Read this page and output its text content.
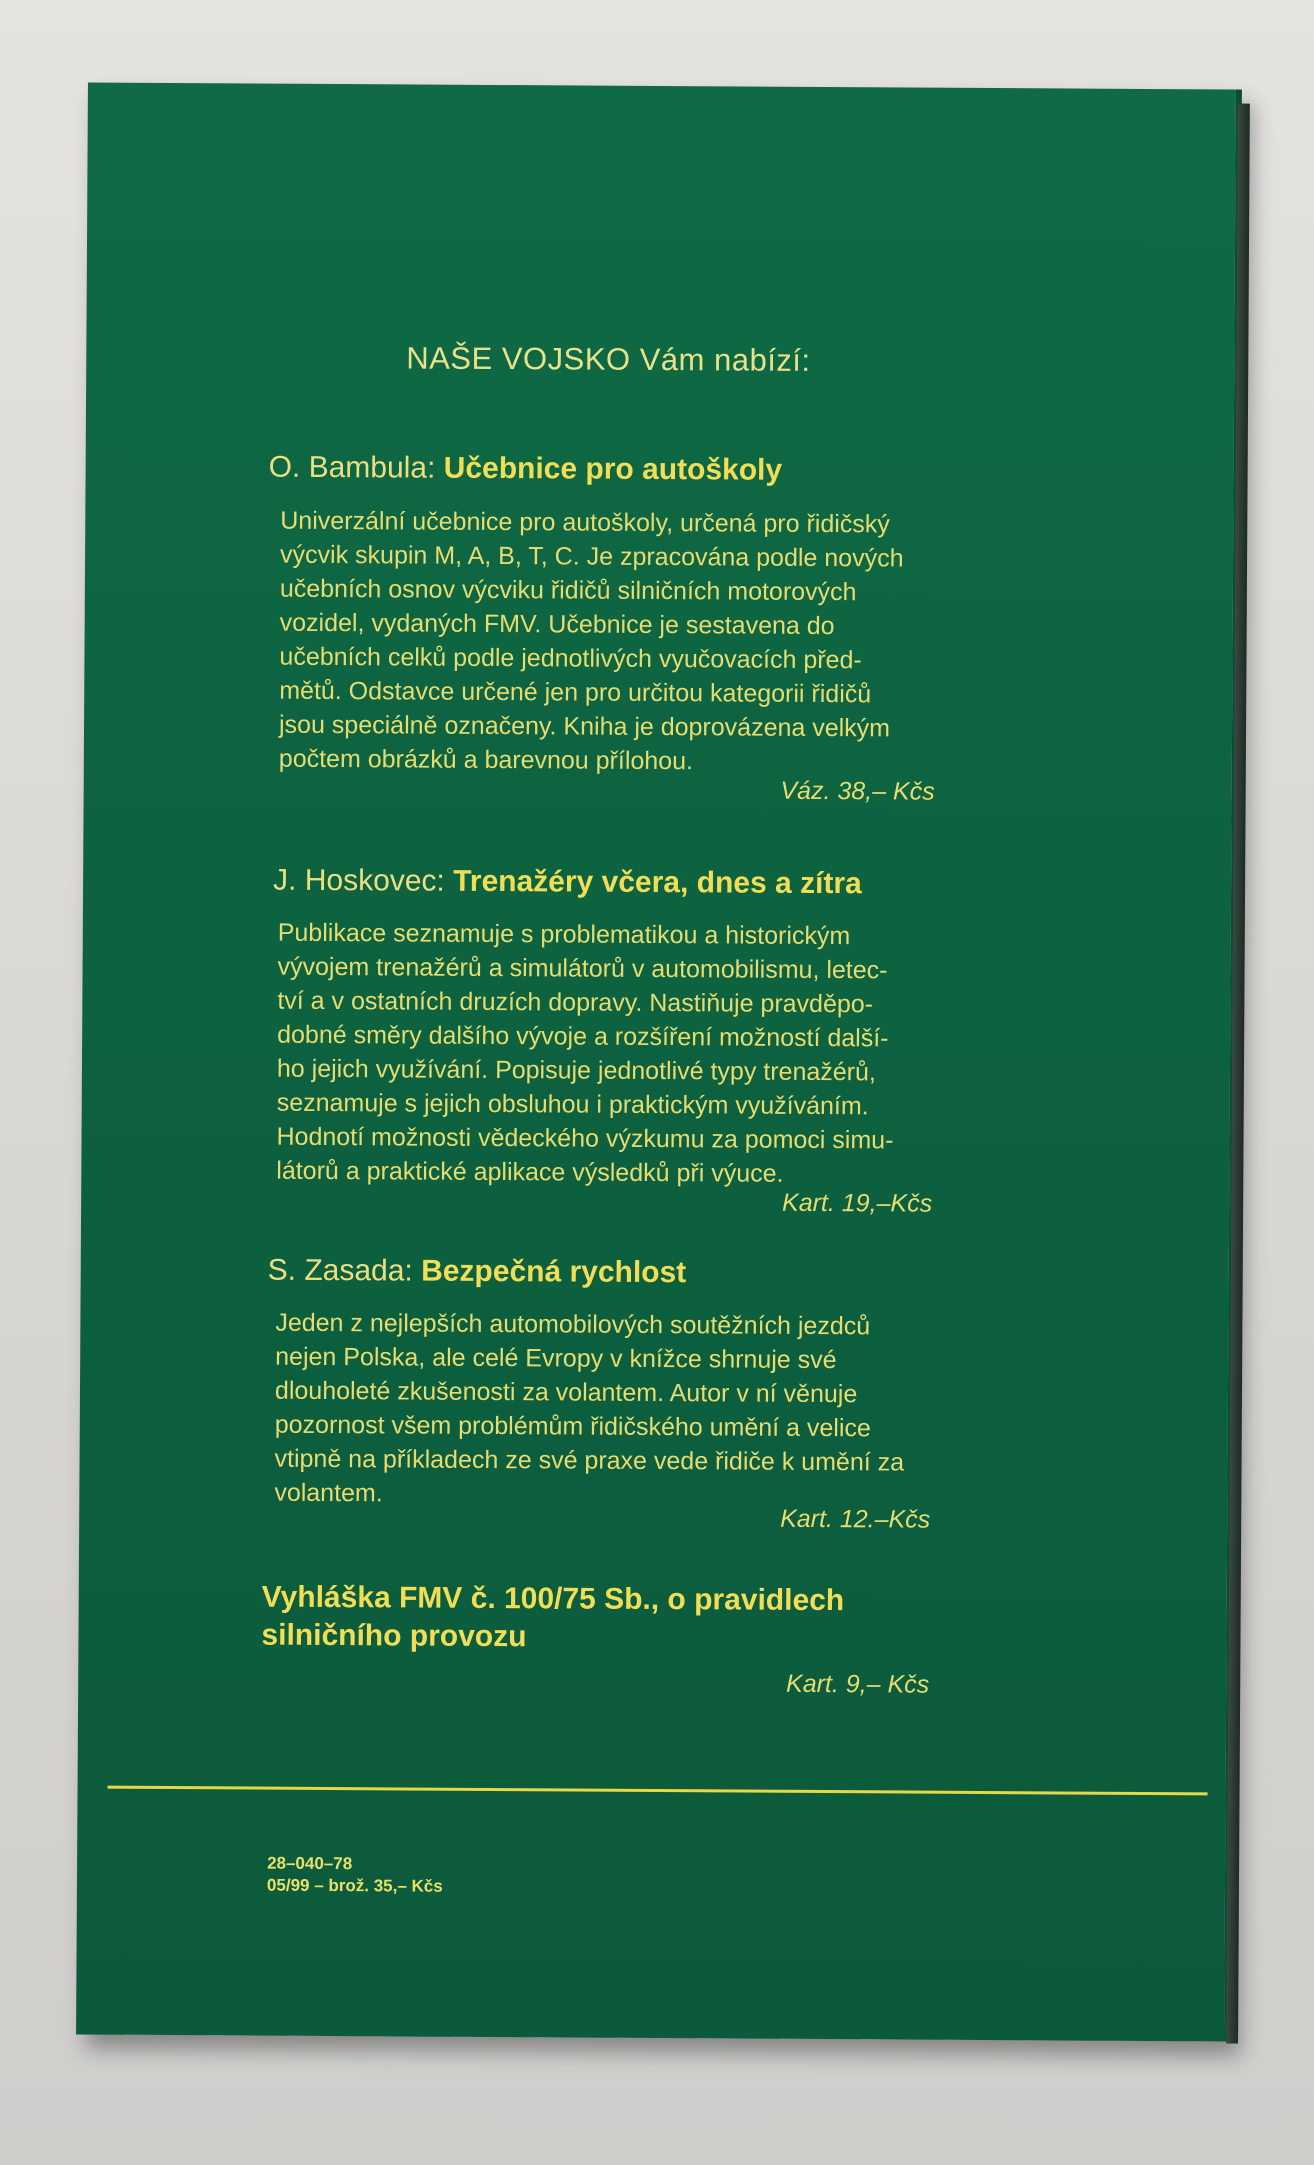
NAŠE VOJSKO Vám nabízí:
O. Bambula: Učebnice pro autoškoly
Univerzální učebnice pro autoškoly, určená pro řidičský
výcvik skupin M, A, B, T, C. Je zpracována podle nových
učebních osnov výcviku řidičů silničních motorových
vozidel, vydaných FMV. Učebnice je sestavena do
učebních celků podle jednotlivých vyučovacích před-
mětů. Odstavce určené jen pro určitou kategorii řidičů
jsou speciálně označeny. Kniha je doprovázena velkým
počtem obrázků a barevnou přílohou.
Váz. 38,– Kčs
J. Hoskovec: Trenažéry včera, dnes a zítra
Publikace seznamuje s problematikou a historickým
vývojem trenažérů a simulátorů v automobilismu, letec-
tví a v ostatních druzích dopravy. Nastiňuje pravděpo-
dobné směry dalšího vývoje a rozšíření možností další-
ho jejich využívání. Popisuje jednotlivé typy trenažérů,
seznamuje s jejich obsluhou i praktickým využíváním.
Hodnotí možnosti vědeckého výzkumu za pomoci simu-
látorů a praktické aplikace výsledků při výuce.
Kart. 19,–Kčs
S. Zasada: Bezpečná rychlost
Jeden z nejlepších automobilových soutěžních jezdců
nejen Polska, ale celé Evropy v knížce shrnuje své
dlouholeté zkušenosti za volantem. Autor v ní věnuje
pozornost všem problémům řidičského umění a velice
vtipně na příkladech ze své praxe vede řidiče k umění za
volantem.
Kart. 12.–Kčs
Vyhláška FMV č. 100/75 Sb., o pravidlech
silničního provozu
Kart. 9,– Kčs
28–040–78
05/99 – brož. 35,– Kčs
